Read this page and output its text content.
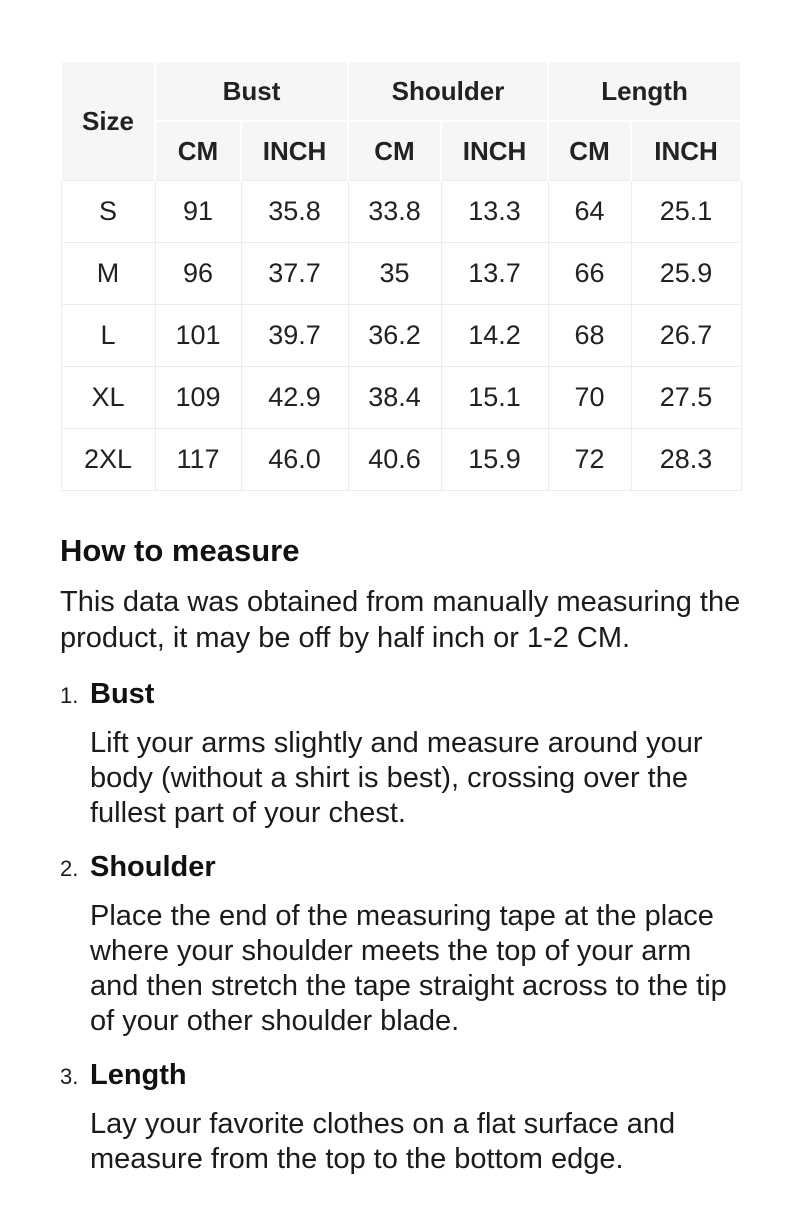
Size	Bust		Shoulder		Length	
	CM	INCH	CM	INCH	CM	INCH
S	91	35.8	33.8	13.3	64	25.1
M	96	37.7	35	13.7	66	25.9
L	101	39.7	36.2	14.2	68	26.7
XL	109	42.9	38.4	15.1	70	27.5
2XL	117	46.0	40.6	15.9	72	28.3
How to measure

This data was obtained from manually measuring the product, it may be off by half inch or 1-2 CM.

1. Bust

Lift your arms slightly and measure around your body (without a shirt is best), crossing over the fullest part of your chest.

2. Shoulder

Place the end of the measuring tape at the place where your shoulder meets the top of your arm and then stretch the tape straight across to the tip of your other shoulder blade.

3. Length

Lay your favorite clothes on a flat surface and measure from the top to the bottom edge.
